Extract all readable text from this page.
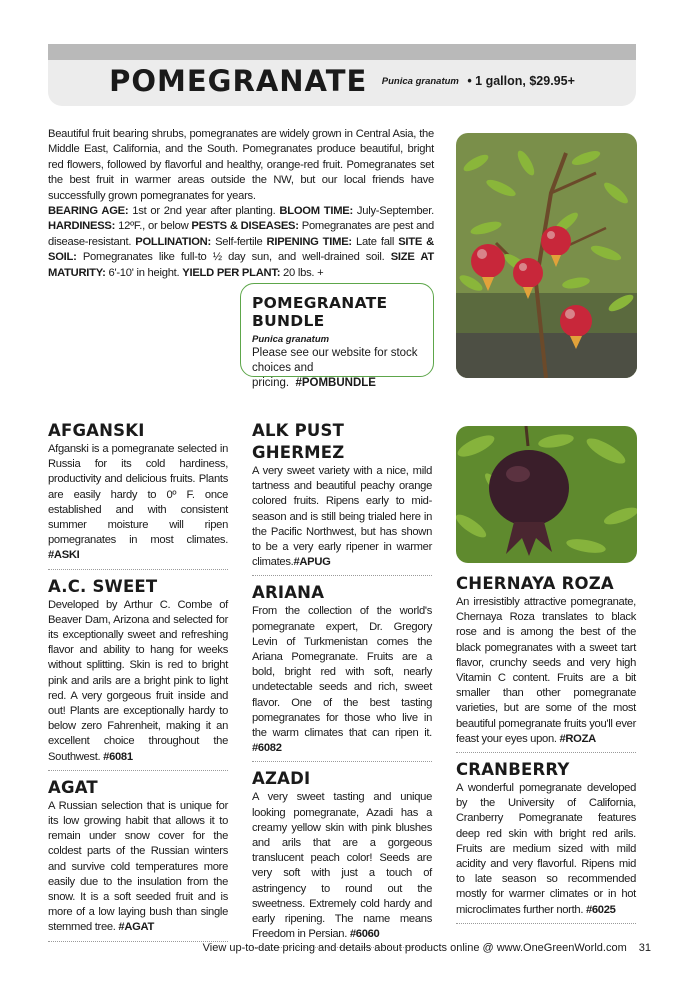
POMEGRANATE Punica granatum • 1 gallon, $29.95+

Beautiful fruit bearing shrubs, pomegranates are widely grown in Central Asia, the Middle East, California, and the South. Pomegranates produce beautiful, bright red flowers, followed by flavorful and healthy, orange-red fruit. Pomegranates set the best fruit in warmer areas outside the NW, but our local friends have successfully grown pomegranates for years.
BEARING AGE: 1st or 2nd year after planting. BLOOM TIME: July-September. HARDINESS: 12ºF., or below PESTS & DISEASES: Pomegranates are pest and disease-resistant. POLLINATION: Self-fertile RIPENING TIME: Late fall SITE & SOIL: Pomegranates like full-to ½ day sun, and well-drained soil. SIZE AT MATURITY: 6'-10' in height. YIELD PER PLANT: 20 lbs. +

POMEGRANATE BUNDLE
Punica granatum
Please see our website for stock choices and pricing. #POMBUNDLE
AFGANSKI

Afganski is a pomegranate selected in Russia for its cold hardiness, productivity and delicious fruits. Plants are easily hardy to 0º F. once established and with consistent summer moisture will ripen pomegranates in most climates. #ASKI

A.C. SWEET

Developed by Arthur C. Combe of Beaver Dam, Arizona and selected for its exceptionally sweet and refreshing flavor and ability to hang for weeks without splitting. Skin is red to bright pink and arils are a bright pink to light red. A very gorgeous fruit inside and out! Plants are exceptionally hardy to below zero Fahrenheit, making it an excellent choice throughout the Southwest. #6081

AGAT

A Russian selection that is unique for its low growing habit that allows it to remain under snow cover for the coldest parts of the Russian winters and survive cold temperatures more easily due to the insulation from the snow. It is a soft seeded fruit and is more of a low laying bush than single stemmed tree. #AGAT

ALK PUST GHERMEZ

A very sweet variety with a nice, mild tartness and beautiful peachy orange colored fruits. Ripens early to mid-season and is still being trialed here in the Pacific Northwest, but has shown to be a very early ripener in warmer climates.#APUG

ARIANA

From the collection of the world's pomegranate expert, Dr. Gregory Levin of Turkmenistan comes the Ariana Pomegranate. Fruits are a bold, bright red with soft, nearly undetectable seeds and rich, sweet flavor. One of the best tasting pomegranates for those who live in the warm climates that can ripen it. #6082

AZADI

A very sweet tasting and unique looking pomegranate, Azadi has a creamy yellow skin with pink blushes and arils that are a gorgeous translucent peach color! Seeds are very soft with just a touch of astringency to round out the sweetness. Extremely cold hardy and early ripening. The name means Freedom in Persian. #6060

CHERNAYA ROZA

An irresistibly attractive pomegranate, Chernaya Roza translates to black rose and is among the best of the black pomegranates with a sweet tart flavor, crunchy seeds and very high Vitamin C content. Fruits are a bit smaller than other pomegranate varieties, but are some of the most beautiful pomegranate fruits you'll ever feast your eyes upon. #ROZA

CRANBERRY

A wonderful pomegranate developed by the University of California, Cranberry Pomegranate features deep red skin with bright red arils. Fruits are medium sized with mild acidity and very flavorful. Ripens mid to late season so recommended mostly for warmer climates or in hot microclimates further north. #6025

View up-to-date pricing and details about products online @ www.OneGreenWorld.com 31
